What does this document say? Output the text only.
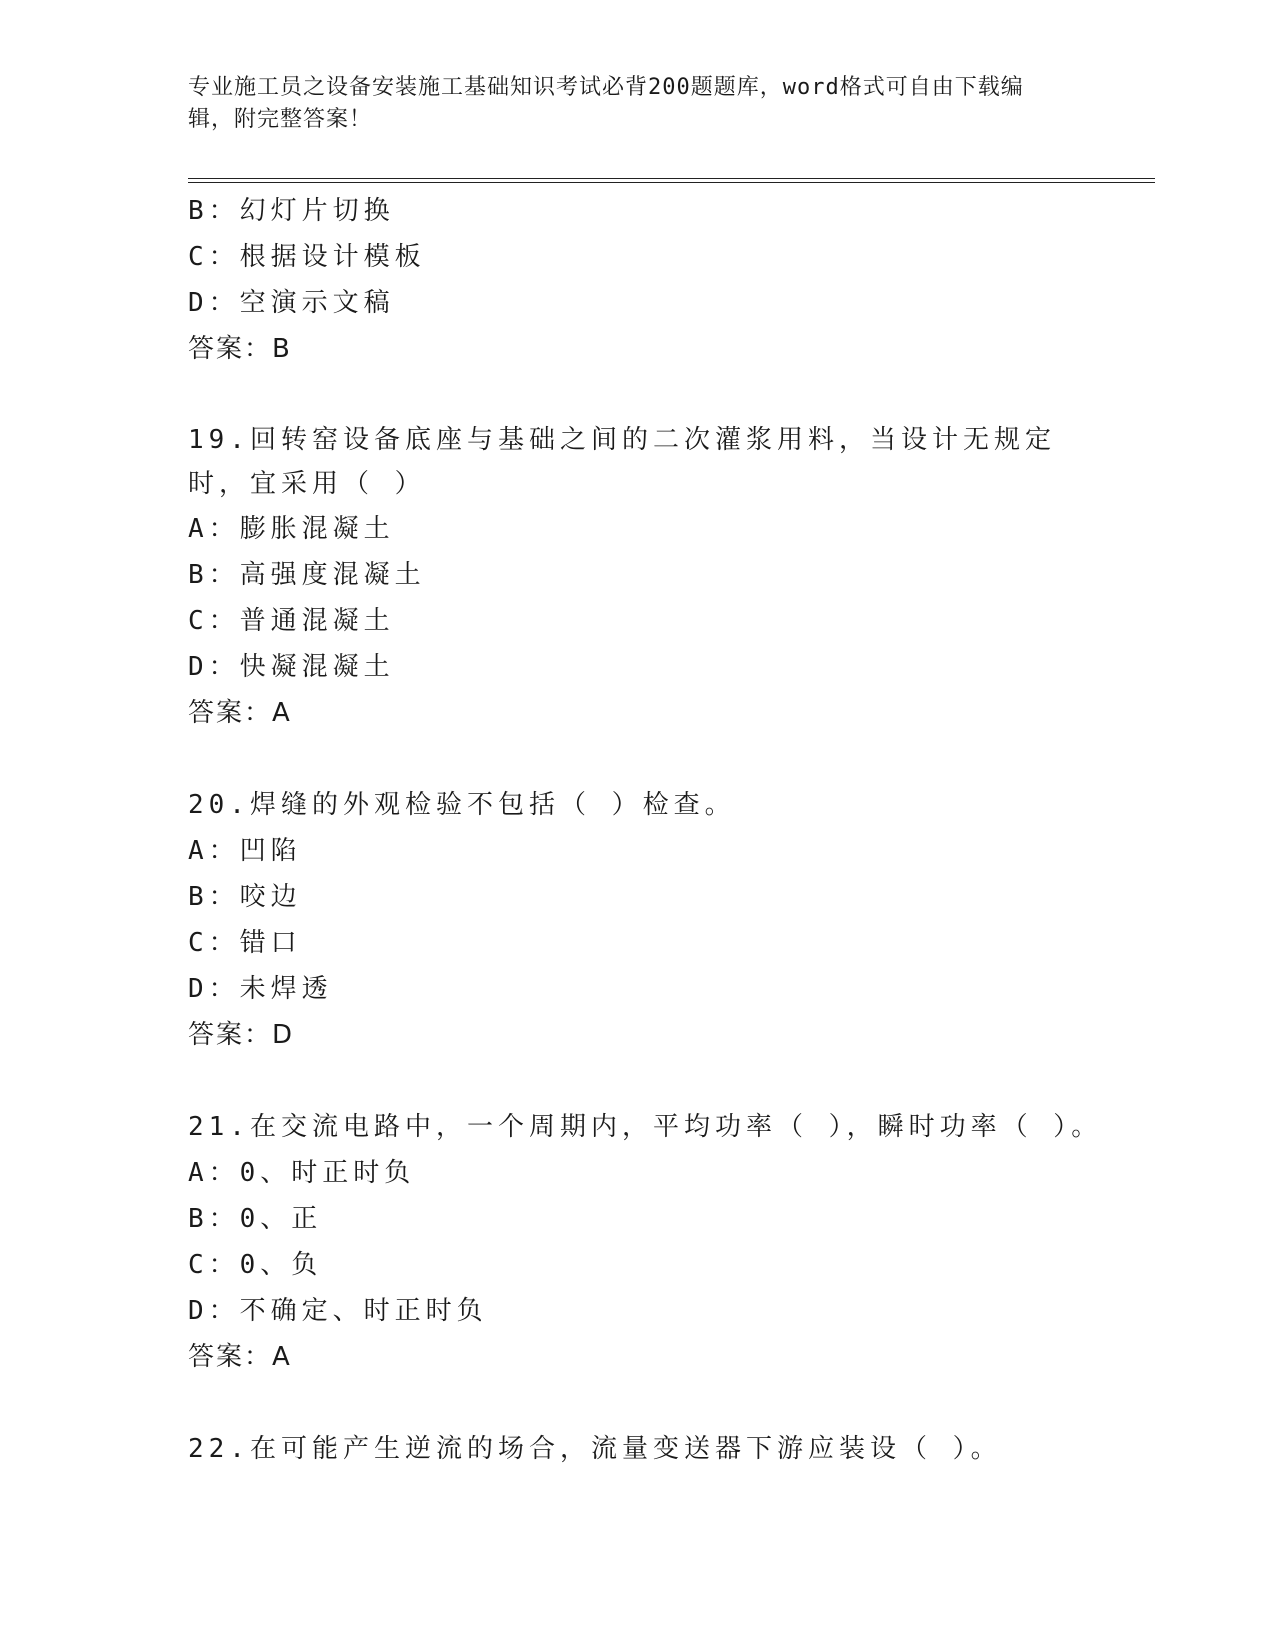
专业施工员之设备安装施工基础知识考试必背200题题库，word格式可自由下载编辑，附完整答案！
B：幻灯片切换
C：根据设计模板
D：空演示文稿
答案：B
19.回转窑设备底座与基础之间的二次灌浆用料，当设计无规定时，宜采用（ ）
A：膨胀混凝土
B：高强度混凝土
C：普通混凝土
D：快凝混凝土
答案：A
20.焊缝的外观检验不包括（ ）检查。
A：凹陷
B：咬边
C：错口
D：未焊透
答案：D
21.在交流电路中，一个周期内，平均功率（ ），瞬时功率（ ）。
A：0、时正时负
B：0、正
C：0、负
D：不确定、时正时负
答案：A
22.在可能产生逆流的场合，流量变送器下游应装设（ ）。
